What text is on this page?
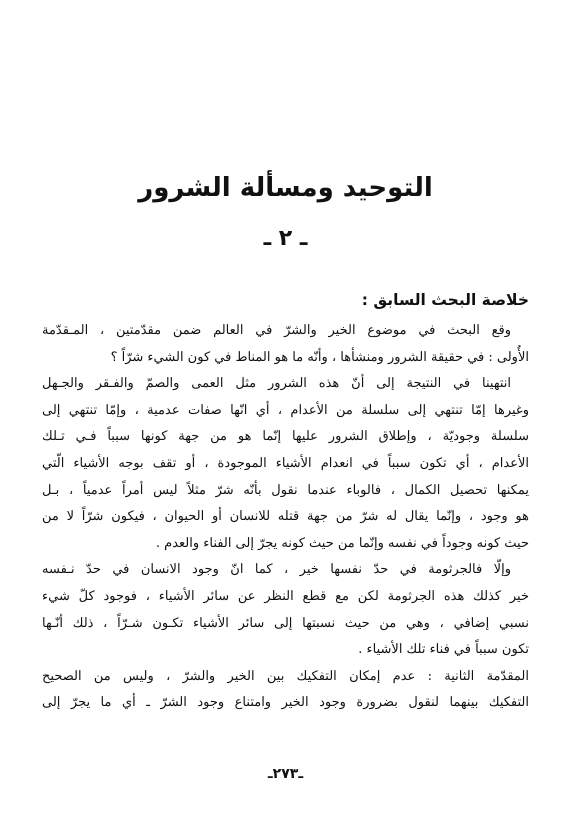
التوحيد ومسألة الشرور
ـ ٢ ـ
خلاصة البحث السابق :
وقع البحث في موضوع الخير والشرّ في العالم ضمن مقدّمتين ، المـقدّمة
الأُولى : في حقيقة الشرور ومنشأها ، وأنّه ما هو المناط في كون الشيء شرّاً ؟
انتهينا في النتيجة إلى أنّ هذه الشرور مثل العمى والصمّ والفـقر والجـهل
وغيرها إمّا تنتهي إلى سلسلة من الأعدام ، أي انّها صفات عدمية ، وإمّا تنتهي إلى
سلسلة وجوديّة ، وإطلاق الشرور عليها إنّما هو من جهة كونها سبباً فـي تـلك
الأعدام ، أي تكون سبباً في انعدام الأشياء الموجودة ، أو تقف بوجه الأشياء الّتي
يمكنها تحصيل الكمال ، فالوباء عندما نقول بأنّه شرّ مثلاً ليس أمراً عدمياً ، بـل
هو وجود ، وإنّما يقال له شرّ من جهة قتله للانسان أو الحيوان ، فيكون شرّاً لا من
حيث كونه وجوداً في نفسه وإنّما من حيث كونه يجرّ إلى الفناء والعدم .
وإلّا فالجرثومة في حدّ نفسها خير ، كما انّ وجود الانسان في حدّ نـفسه
خير كذلك هذه الجرثومة لكن مع قطع النظر عن سائر الأشياء ، فوجود كلّ شيء
نسبي إضافي ، وهي من حيث نسبتها إلى سائر الأشياء تكـون شـرّاً ، ذلك أنّـها
تكون سبباً في فناء تلك الأشياء .
المقدّمة الثانية : عدم إمكان التفكيك بين الخير والشرّ ، وليس من الصحيح
التفكيك بينهما لنقول بضرورة وجود الخير وامتناع وجود الشرّ ـ أي ما يجرّ إلى
ـ٢٧٣ـ
